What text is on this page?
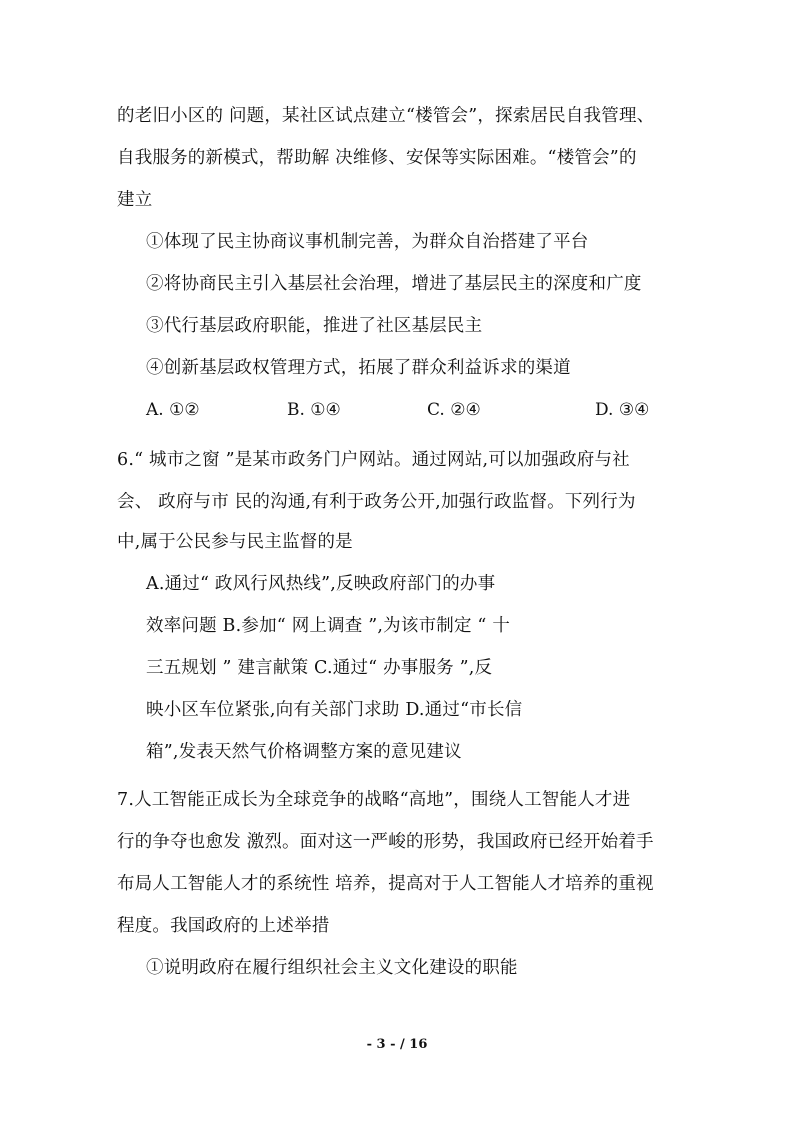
的老旧小区的 问题，某社区试点建立“楼管会”，探索居民自我管理、
自我服务的新模式，帮助解 决维修、安保等实际困难。“楼管会”的
建立
①体现了民主协商议事机制完善，为群众自治搭建了平台
②将协商民主引入基层社会治理，增进了基层民主的深度和广度
③代行基层政府职能，推进了社区基层民主
④创新基层政权管理方式，拓展了群众利益诉求的渠道
A. ①②	B. ①④	C. ②④	D. ③④
6.“ 城市之窗 ”是某市政务门户网站。通过网站,可以加强政府与社
会、 政府与市 民的沟通,有利于政务公开,加强行政监督。下列行为
中,属于公民参与民主监督的是
A.通过“ 政风行风热线”,反映政府部门的办事
效率问题 B.参加“ 网上调查 ”,为该市制定 “ 十
三五规划 ” 建言献策 C.通过“ 办事服务 ”,反
映小区车位紧张,向有关部门求助 D.通过“市长信
箱”,发表天然气价格调整方案的意见建议
7.人工智能正成长为全球竞争的战略“高地”，围绕人工智能人才进
行的争夺也愈发 激烈。面对这一严峻的形势，我国政府已经开始着手
布局人工智能人才的系统性 培养，提高对于人工智能人才培养的重视
程度。我国政府的上述举措
①说明政府在履行组织社会主义文化建设的职能
- 3 - / 16
